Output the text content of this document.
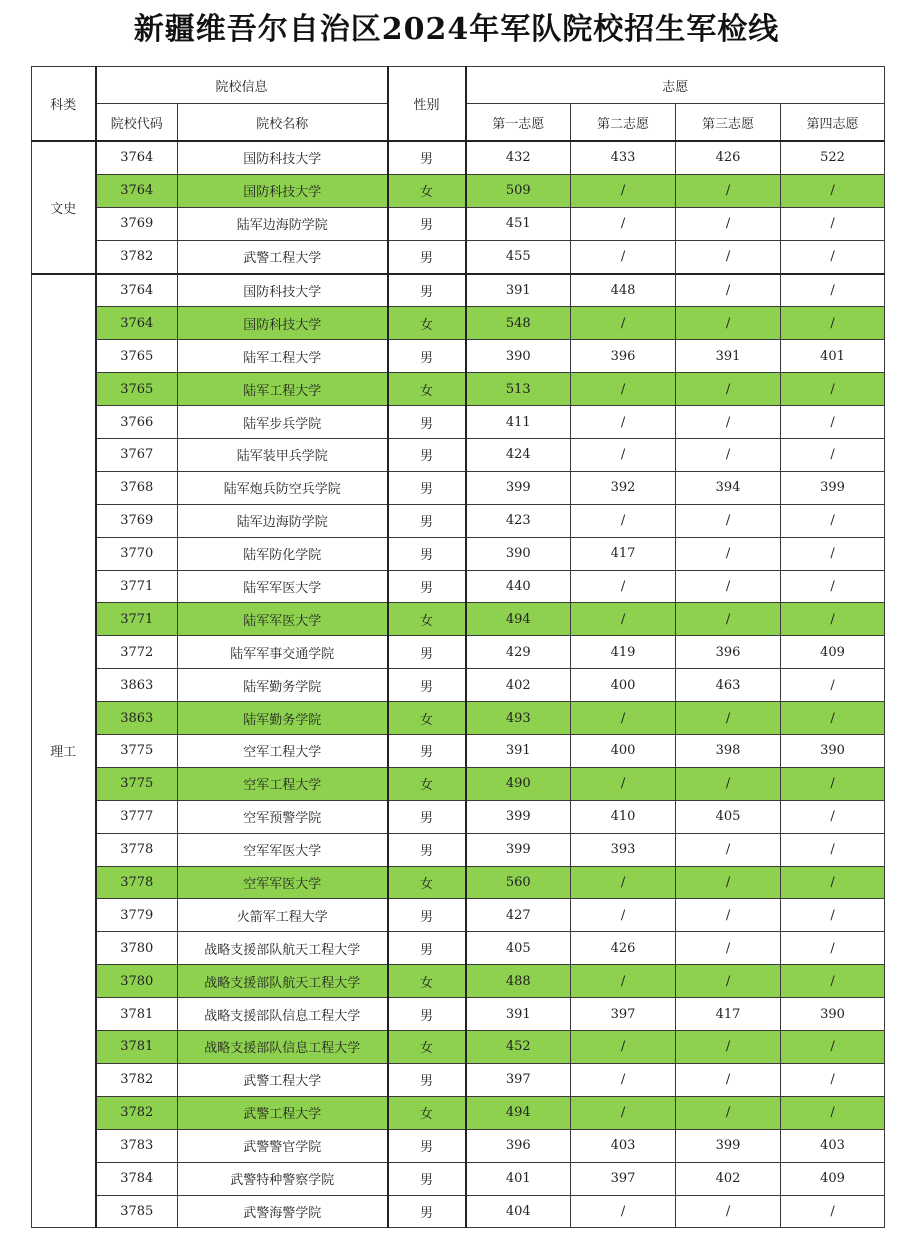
新疆维吾尔自治区2024年军队院校招生军检线
科类	院校信息		性别	志愿			
	院校代码	院校名称		第一志愿	第二志愿	第三志愿	第四志愿
文史	3764	国防科技大学	男	432	433	426	522
	3764	国防科技大学	女	509	/	/	/
	3769	陆军边海防学院	男	451	/	/	/
	3782	武警工程大学	男	455	/	/	/
理工	3764	国防科技大学	男	391	448	/	/
	3764	国防科技大学	女	548	/	/	/
	3765	陆军工程大学	男	390	396	391	401
	3765	陆军工程大学	女	513	/	/	/
	3766	陆军步兵学院	男	411	/	/	/
	3767	陆军装甲兵学院	男	424	/	/	/
	3768	陆军炮兵防空兵学院	男	399	392	394	399
	3769	陆军边海防学院	男	423	/	/	/
	3770	陆军防化学院	男	390	417	/	/
	3771	陆军军医大学	男	440	/	/	/
	3771	陆军军医大学	女	494	/	/	/
	3772	陆军军事交通学院	男	429	419	396	409
	3863	陆军勤务学院	男	402	400	463	/
	3863	陆军勤务学院	女	493	/	/	/
	3775	空军工程大学	男	391	400	398	390
	3775	空军工程大学	女	490	/	/	/
	3777	空军预警学院	男	399	410	405	/
	3778	空军军医大学	男	399	393	/	/
	3778	空军军医大学	女	560	/	/	/
	3779	火箭军工程大学	男	427	/	/	/
	3780	战略支援部队航天工程大学	男	405	426	/	/
	3780	战略支援部队航天工程大学	女	488	/	/	/
	3781	战略支援部队信息工程大学	男	391	397	417	390
	3781	战略支援部队信息工程大学	女	452	/	/	/
	3782	武警工程大学	男	397	/	/	/
	3782	武警工程大学	女	494	/	/	/
	3783	武警警官学院	男	396	403	399	403
	3784	武警特种警察学院	男	401	397	402	409
	3785	武警海警学院	男	404	/	/	/
